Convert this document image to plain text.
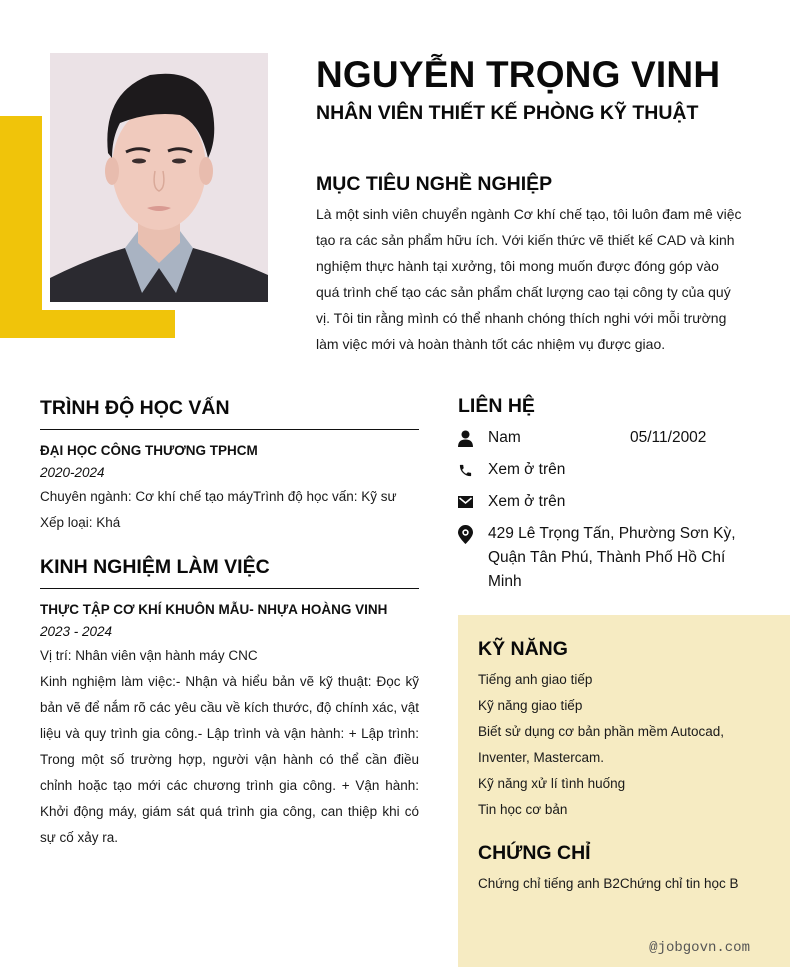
NGUYỄN TRỌNG VINH
NHÂN VIÊN THIẾT KẾ PHÒNG KỸ THUẬT
MỤC TIÊU NGHỀ NGHIỆP

Là một sinh viên chuyển ngành Cơ khí chế tạo, tôi luôn đam mê việc tạo ra các sản phẩm hữu ích. Với kiến thức vẽ thiết kế CAD và kinh nghiệm thực hành tại xưởng, tôi mong muốn được đóng góp vào quá trình chế tạo các sản phẩm chất lượng cao tại công ty của quý vị. Tôi tin rằng mình có thể nhanh chóng thích nghi với mỗi trường làm việc mới và hoàn thành tốt các nhiệm vụ được giao.

TRÌNH ĐỘ HỌC VẤN
ĐẠI HỌC CÔNG THƯƠNG TPHCM
2020-2024
Chuyên ngành: Cơ khí chế tạo máyTrình độ học vấn: Kỹ sư
Xếp loại: Khá
KINH NGHIỆM LÀM VIỆC
THỰC TẬP CƠ KHÍ KHUÔN MẪU- NHỰA HOÀNG VINH
2023 - 2024
Vị trí: Nhân viên vận hành máy CNC
Kinh nghiệm làm việc:- Nhận và hiểu bản vẽ kỹ thuật: Đọc kỹ bản vẽ để nắm rõ các yêu cầu về kích thước, độ chính xác, vật liệu và quy trình gia công.- Lập trình và vận hành: + Lập trình: Trong một số trường hợp, người vận hành có thể cần điều chỉnh hoặc tạo mới các chương trình gia công. + Vận hành: Khởi động máy, giám sát quá trình gia công, can thiệp khi có sự cố xảy ra.
LIÊN HỆ
Nam	05/11/2002
Xem ở trên
Xem ở trên
429 Lê Trọng Tấn, Phường Sơn Kỳ, Quận Tân Phú, Thành Phố Hồ Chí Minh
KỸ NĂNG
Tiếng anh giao tiếp
Kỹ năng giao tiếp
Biết sử dụng cơ bản phần mềm Autocad, Inventer, Mastercam.
Kỹ năng xử lí tình huống
Tin học cơ bản
CHỨNG CHỈ
Chứng chỉ tiếng anh B2Chứng chỉ tin học B
@jobgovn.com
